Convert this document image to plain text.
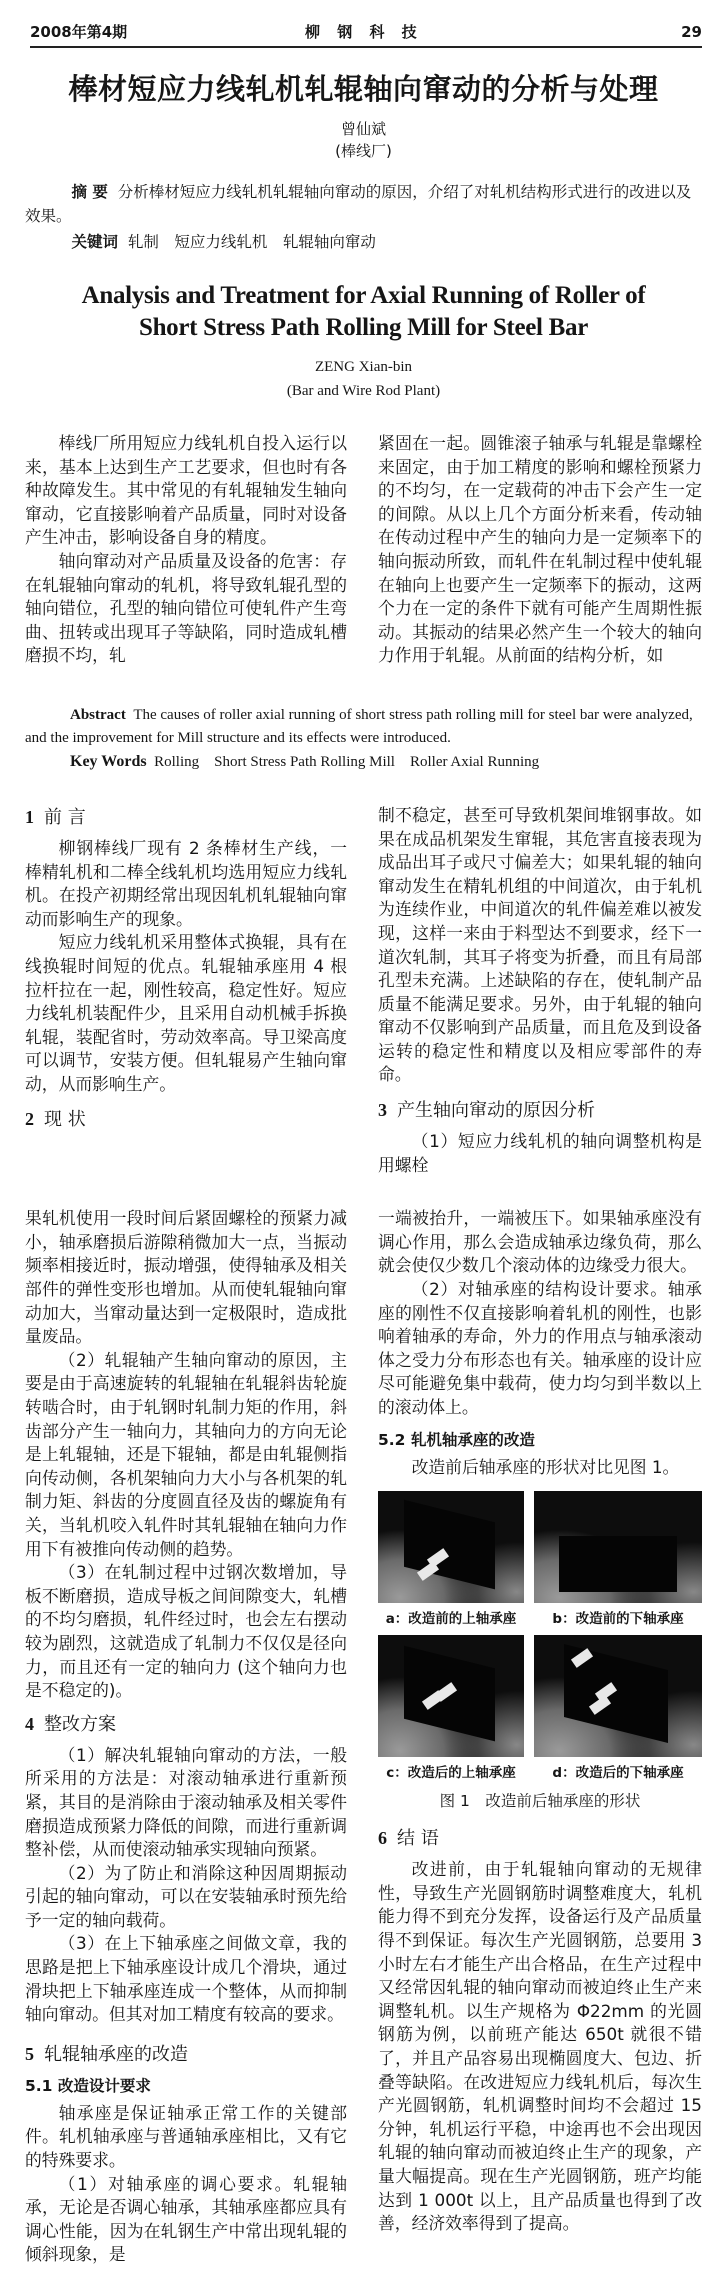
2008年第4期	柳 钢 科 技	29
棒材短应力线轧机轧辊轴向窜动的分析与处理
曾仙斌
(棒线厂)

摘 要 分析棒材短应力线轧机轧辊轴向窜动的原因，介绍了对轧机结构形式进行的改进以及效果。

关键词 轧制　短应力线轧机　轧辊轴向窜动

Analysis and Treatment for Axial Running of Roller of
Short Stress Path Rolling Mill for Steel Bar
ZENG Xian-bin
(Bar and Wire Rod Plant)

棒线厂所用短应力线轧机自投入运行以来，基本上达到生产工艺要求，但也时有各种故障发生。其中常见的有轧辊轴发生轴向窜动，它直接影响着产品质量，同时对设备产生冲击，影响设备自身的精度。

轴向窜动对产品质量及设备的危害：存在轧辊轴向窜动的轧机，将导致轧辊孔型的轴向错位，孔型的轴向错位可使轧件产生弯曲、扭转或出现耳子等缺陷，同时造成轧槽磨损不均，轧

紧固在一起。圆锥滚子轴承与轧辊是靠螺栓来固定，由于加工精度的影响和螺栓预紧力的不均匀，在一定载荷的冲击下会产生一定的间隙。从以上几个方面分析来看，传动轴在传动过程中产生的轴向力是一定频率下的轴向振动所致，而轧件在轧制过程中使轧辊在轴向上也要产生一定频率下的振动，这两个力在一定的条件下就有可能产生周期性振动。其振动的结果必然产生一个较大的轴向力作用于轧辊。从前面的结构分析，如

Abstract The causes of roller axial running of short stress path rolling mill for steel bar were analyzed, and the improvement for Mill structure and its effects were introduced.

Key Words Rolling　Short Stress Path Rolling Mill　Roller Axial Running

1 前 言

柳钢棒线厂现有 2 条棒材生产线，一棒精轧机和二棒全线轧机均选用短应力线轧机。在投产初期经常出现因轧机轧辊轴向窜动而影响生产的现象。

短应力线轧机采用整体式换辊，具有在线换辊时间短的优点。轧辊轴承座用 4 根拉杆拉在一起，刚性较高，稳定性好。短应力线轧机装配件少，且采用自动机械手拆换轧辊，装配省时，劳动效率高。导卫梁高度可以调节，安装方便。但轧辊易产生轴向窜动，从而影响生产。

2 现 状

制不稳定，甚至可导致机架间堆钢事故。如果在成品机架发生窜辊，其危害直接表现为成品出耳子或尺寸偏差大；如果轧辊的轴向窜动发生在精轧机组的中间道次，由于轧机为连续作业，中间道次的轧件偏差难以被发现，这样一来由于料型达不到要求，经下一道次轧制，其耳子将变为折叠，而且有局部孔型未充满。上述缺陷的存在，使轧制产品质量不能满足要求。另外，由于轧辊的轴向窜动不仅影响到产品质量，而且危及到设备运转的稳定性和精度以及相应零部件的寿命。

3 产生轴向窜动的原因分析

（1）短应力线轧机的轴向调整机构是用螺栓

果轧机使用一段时间后紧固螺栓的预紧力减小，轴承磨损后游隙稍微加大一点，当振动频率相接近时，振动增强，使得轴承及相关部件的弹性变形也增加。从而使轧辊轴向窜动加大，当窜动量达到一定极限时，造成批量废品。

（2）轧辊轴产生轴向窜动的原因，主要是由于高速旋转的轧辊轴在轧辊斜齿轮旋转啮合时，由于轧钢时轧制力矩的作用，斜齿部分产生一轴向力，其轴向力的方向无论是上轧辊轴，还是下辊轴，都是由轧辊侧指向传动侧，各机架轴向力大小与各机架的轧制力矩、斜齿的分度圆直径及齿的螺旋角有关，当轧机咬入轧件时其轧辊轴在轴向力作用下有被推向传动侧的趋势。

（3）在轧制过程中过钢次数增加，导板不断磨损，造成导板之间间隙变大，轧槽的不均匀磨损，轧件经过时，也会左右摆动较为剧烈，这就造成了轧制力不仅仅是径向力，而且还有一定的轴向力 (这个轴向力也是不稳定的)。

4 整改方案

（1）解决轧辊轴向窜动的方法，一般所采用的方法是：对滚动轴承进行重新预紧，其目的是消除由于滚动轴承及相关零件磨损造成预紧力降低的间隙，而进行重新调整补偿，从而使滚动轴承实现轴向预紧。

（2）为了防止和消除这种因周期振动引起的轴向窜动，可以在安装轴承时预先给予一定的轴向载荷。

（3）在上下轴承座之间做文章，我的思路是把上下轴承座设计成几个滑块，通过滑块把上下轴承座连成一个整体，从而抑制轴向窜动。但其对加工精度有较高的要求。

5 轧辊轴承座的改造
5.1 改造设计要求

轴承座是保证轴承正常工作的关键部件。轧机轴承座与普通轴承座相比，又有它的特殊要求。

（1）对轴承座的调心要求。轧辊轴承，无论是否调心轴承，其轴承座都应具有调心性能，因为在轧钢生产中常出现轧辊的倾斜现象，是

一端被抬升，一端被压下。如果轴承座没有调心作用，那么会造成轴承边缘负荷，那么就会使仅少数几个滚动体的边缘受力很大。

（2）对轴承座的结构设计要求。轴承座的刚性不仅直接影响着轧机的刚性，也影响着轴承的寿命，外力的作用点与轴承滚动体之受力分布形态也有关。轴承座的设计应尽可能避免集中载荷，使力均匀到半数以上的滚动体上。

5.2 轧机轴承座的改造

改造前后轴承座的形状对比见图 1。

a：改造前的上轴承座	b：改造前的下轴承座
c：改造后的上轴承座	d：改造后的下轴承座
图 1　改造前后轴承座的形状
6 结 语

改进前，由于轧辊轴向窜动的无规律性，导致生产光圆钢筋时调整难度大，轧机能力得不到充分发挥，设备运行及产品质量得不到保证。每次生产光圆钢筋，总要用 3 小时左右才能生产出合格品，在生产过程中又经常因轧辊的轴向窜动而被迫终止生产来调整轧机。以生产规格为 Φ22mm 的光圆钢筋为例，以前班产能达 650t 就很不错了，并且产品容易出现椭圆度大、包边、折叠等缺陷。在改进短应力线轧机后，每次生产光圆钢筋，轧机调整时间均不会超过 15 分钟，轧机运行平稳，中途再也不会出现因轧辊的轴向窜动而被迫终止生产的现象，产量大幅提高。现在生产光圆钢筋，班产均能达到 1 000t 以上，且产品质量也得到了改善，经济效率得到了提高。
